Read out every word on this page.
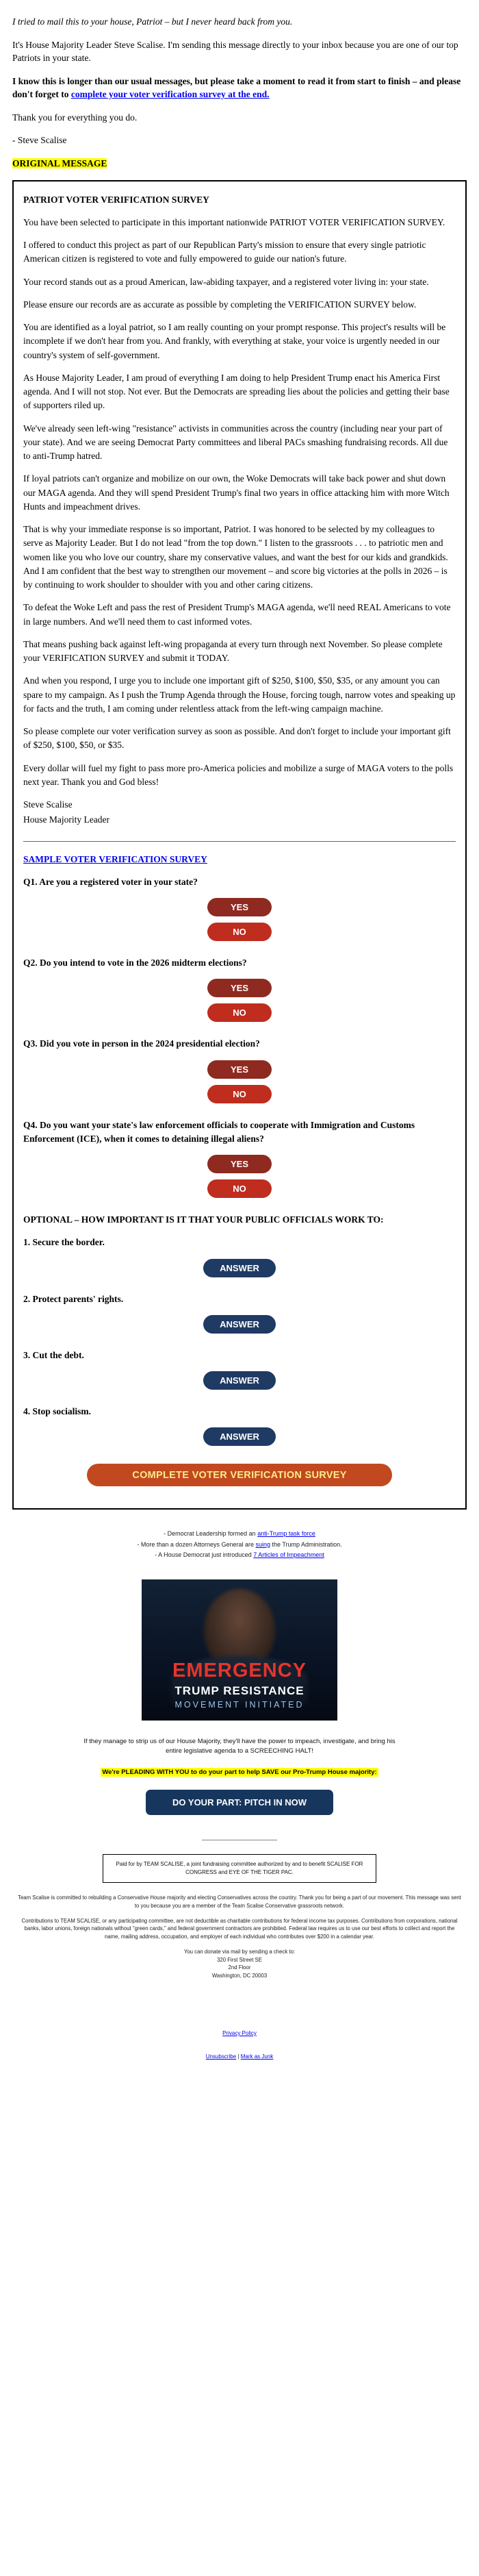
I tried to mail this to your house, Patriot – but I never heard back from you.

It's House Majority Leader Steve Scalise. I'm sending this message directly to your inbox because you are one of our top Patriots in your state.

I know this is longer than our usual messages, but please take a moment to read it from start to finish – and please don't forget to complete your voter verification survey at the end.

Thank you for everything you do.

- Steve Scalise

ORIGINAL MESSAGE

PATRIOT VOTER VERIFICATION SURVEY

You have been selected to participate in this important nationwide PATRIOT VOTER VERIFICATION SURVEY.

I offered to conduct this project as part of our Republican Party's mission to ensure that every single patriotic American citizen is registered to vote and fully empowered to guide our nation's future.

Your record stands out as a proud American, law-abiding taxpayer, and a registered voter living in: your state.

Please ensure our records are as accurate as possible by completing the VERIFICATION SURVEY below.

You are identified as a loyal patriot, so I am really counting on your prompt response. This project's results will be incomplete if we don't hear from you. And frankly, with everything at stake, your voice is urgently needed in our country's system of self-government.

As House Majority Leader, I am proud of everything I am doing to help President Trump enact his America First agenda. And I will not stop. Not ever. But the Democrats are spreading lies about the policies and getting their base of supporters riled up.

We've already seen left-wing "resistance" activists in communities across the country (including near your part of your state). And we are seeing Democrat Party committees and liberal PACs smashing fundraising records. All due to anti-Trump hatred.

If loyal patriots can't organize and mobilize on our own, the Woke Democrats will take back power and shut down our MAGA agenda. And they will spend President Trump's final two years in office attacking him with more Witch Hunts and impeachment drives.

That is why your immediate response is so important, Patriot. I was honored to be selected by my colleagues to serve as Majority Leader. But I do not lead "from the top down." I listen to the grassroots . . . to patriotic men and women like you who love our country, share my conservative values, and want the best for our kids and grandkids. And I am confident that the best way to strengthen our movement – and score big victories at the polls in 2026 – is by continuing to work shoulder to shoulder with you and other caring citizens.

To defeat the Woke Left and pass the rest of President Trump's MAGA agenda, we'll need REAL Americans to vote in large numbers. And we'll need them to cast informed votes.

That means pushing back against left-wing propaganda at every turn through next November. So please complete your VERIFICATION SURVEY and submit it TODAY.

And when you respond, I urge you to include one important gift of $250, $100, $50, $35, or any amount you can spare to my campaign. As I push the Trump Agenda through the House, forcing tough, narrow votes and speaking up for facts and the truth, I am coming under relentless attack from the left-wing campaign machine.

So please complete our voter verification survey as soon as possible. And don't forget to include your important gift of $250, $100, $50, or $35.

Every dollar will fuel my fight to pass more pro-America policies and mobilize a surge of MAGA voters to the polls next year. Thank you and God bless!

Steve Scalise

House Majority Leader

SAMPLE VOTER VERIFICATION SURVEY

Q1. Are you a registered voter in your state?

YES
NO

Q2. Do you intend to vote in the 2026 midterm elections?

YES
NO

Q3. Did you vote in person in the 2024 presidential election?

YES
NO

Q4. Do you want your state's law enforcement officials to cooperate with Immigration and Customs Enforcement (ICE), when it comes to detaining illegal aliens?

YES
NO

OPTIONAL – HOW IMPORTANT IS IT THAT YOUR PUBLIC OFFICIALS WORK TO:

1. Secure the border.

ANSWER

2. Protect parents' rights.

ANSWER

3. Cut the debt.

ANSWER

4. Stop socialism.

ANSWER
COMPLETE VOTER VERIFICATION SURVEY
- Democrat Leadership formed an anti-Trump task force
- More than a dozen Attorneys General are suing the Trump Administration.
- A House Democrat just introduced 7 Articles of Impeachment
EMERGENCY
TRUMP RESISTANCE
MOVEMENT INITIATED

If they manage to strip us of our House Majority, they'll have the power to impeach, investigate, and bring his entire legislative agenda to a SCREECHING HALT!

We're PLEADING WITH YOU to do your part to help SAVE our Pro-Trump House majority:
DO YOUR PART: PITCH IN NOW
Paid for by TEAM SCALISE, a joint fundraising committee authorized by and to benefit SCALISE FOR CONGRESS and EYE OF THE TIGER PAC.

Team Scalise is committed to rebuilding a Conservative House majority and electing Conservatives across the country. Thank you for being a part of our movement. This message was sent to you because you are a member of the Team Scalise Conservative grassroots network.

Contributions to TEAM SCALISE, or any participating committee, are not deductible as charitable contributions for federal income tax purposes. Contributions from corporations, national banks, labor unions, foreign nationals without "green cards," and federal government contractors are prohibited. Federal law requires us to use our best efforts to collect and report the name, mailing address, occupation, and employer of each individual who contributes over $200 in a calendar year.

You can donate via mail by sending a check to:
320 First Street SE
2nd Floor
Washington, DC 20003

Privacy Policy

Unsubscribe | Mark as Junk
